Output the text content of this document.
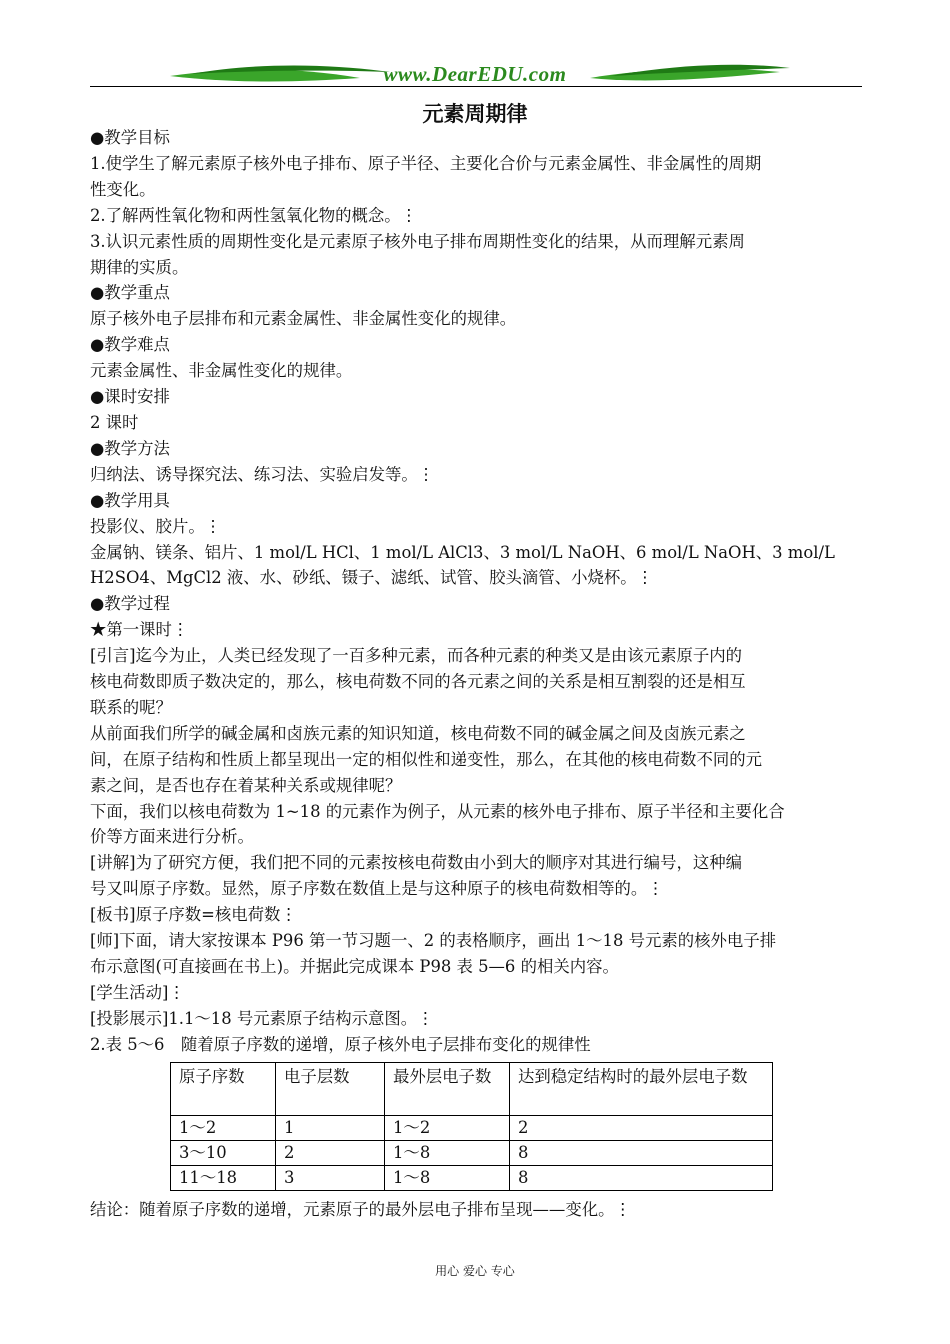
www.DearEDU.com
元素周期律
●教学目标
1.使学生了解元素原子核外电子排布、原子半径、主要化合价与元素金属性、非金属性的周期
性变化。
2.了解两性氧化物和两性氢氧化物的概念。⋮
3.认识元素性质的周期性变化是元素原子核外电子排布周期性变化的结果，从而理解元素周
期律的实质。
●教学重点
原子核外电子层排布和元素金属性、非金属性变化的规律。
●教学难点
元素金属性、非金属性变化的规律。
●课时安排
2 课时
●教学方法
归纳法、诱导探究法、练习法、实验启发等。⋮
●教学用具
投影仪、胶片。⋮
金属钠、镁条、铝片、1 mol/L HCl、1 mol/L AlCl3、3 mol/L NaOH、6 mol/L NaOH、3 mol/L
H2SO4、MgCl2 液、水、砂纸、镊子、滤纸、试管、胶头滴管、小烧杯。⋮
●教学过程
★第一课时⋮
[引言]迄今为止，人类已经发现了一百多种元素，而各种元素的种类又是由该元素原子内的
核电荷数即质子数决定的，那么，核电荷数不同的各元素之间的关系是相互割裂的还是相互
联系的呢？
从前面我们所学的碱金属和卤族元素的知识知道，核电荷数不同的碱金属之间及卤族元素之
间，在原子结构和性质上都呈现出一定的相似性和递变性，那么，在其他的核电荷数不同的元
素之间，是否也存在着某种关系或规律呢？
下面，我们以核电荷数为 1~18 的元素作为例子，从元素的核外电子排布、原子半径和主要化合
价等方面来进行分析。
[讲解]为了研究方便，我们把不同的元素按核电荷数由小到大的顺序对其进行编号，这种编
号又叫原子序数。显然，原子序数在数值上是与这种原子的核电荷数相等的。⋮
[板书]原子序数=核电荷数⋮
[师]下面，请大家按课本 P96 第一节习题一、2 的表格顺序，画出 1～18 号元素的核外电子排
布示意图(可直接画在书上)。并据此完成课本 P98 表 5—6 的相关内容。
[学生活动]⋮
[投影展示]1.1～18 号元素原子结构示意图。⋮
2.表 5～6　随着原子序数的递增，原子核外电子层排布变化的规律性
原子序数	电子层数	最外层电子数	达到稳定结构时的最外层电子数
1～2	1	1～2	2
3～10	2	1～8	8
11～18	3	1～8	8
结论：随着原子序数的递增，元素原子的最外层电子排布呈现——变化。⋮
用心 爱心 专心
